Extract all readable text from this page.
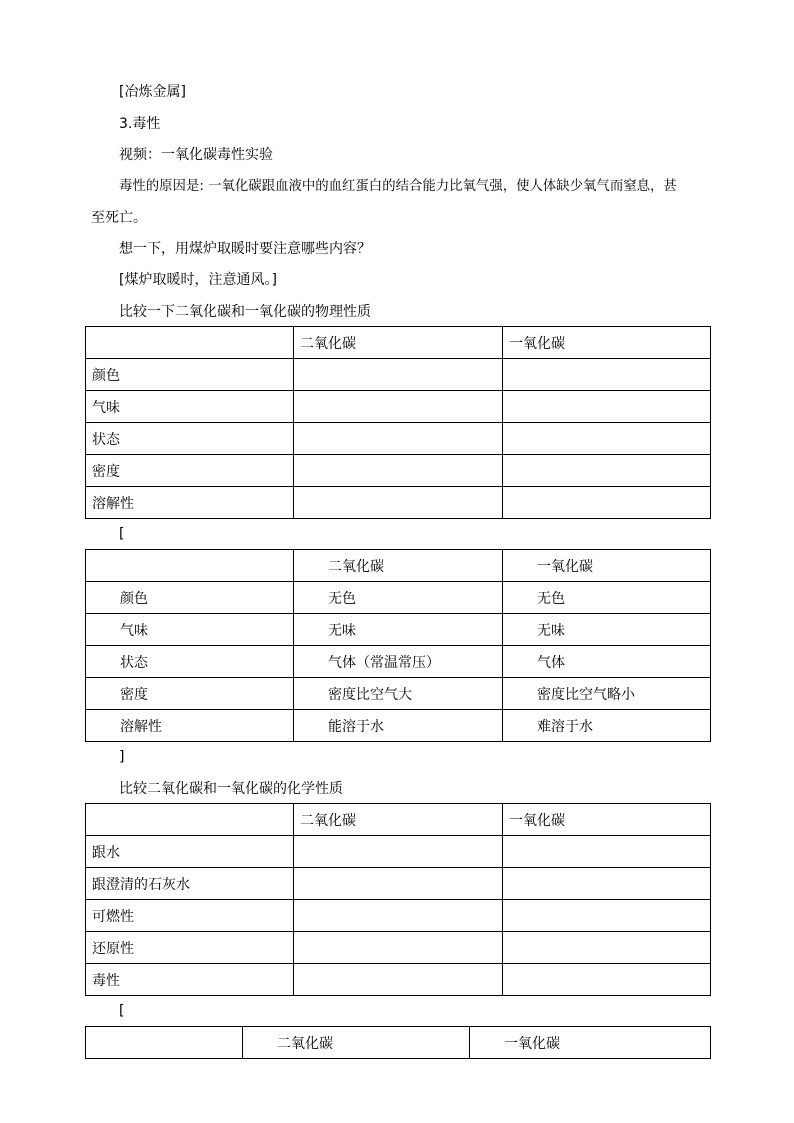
[冶炼金属]
3.毒性
视频：一氧化碳毒性实验
毒性的原因是: 一氧化碳跟血液中的血红蛋白的结合能力比氧气强，使人体缺少氧气而窒息，甚
至死亡。
想一下，用煤炉取暖时要注意哪些内容？
[煤炉取暖时，注意通风。]
比较一下二氧化碳和一氧化碳的物理性质
	二氧化碳	一氧化碳
颜色		
气味		
状态		
密度		
溶解性		
[
	二氧化碳	一氧化碳
颜色	无色	无色
气味	无味	无味
状态	气体（常温常压）	气体
密度	密度比空气大	密度比空气略小
溶解性	能溶于水	难溶于水
]
比较二氧化碳和一氧化碳的化学性质
	二氧化碳	一氧化碳
跟水		
跟澄清的石灰水		
可燃性		
还原性		
毒性		
[
	二氧化碳	一氧化碳
